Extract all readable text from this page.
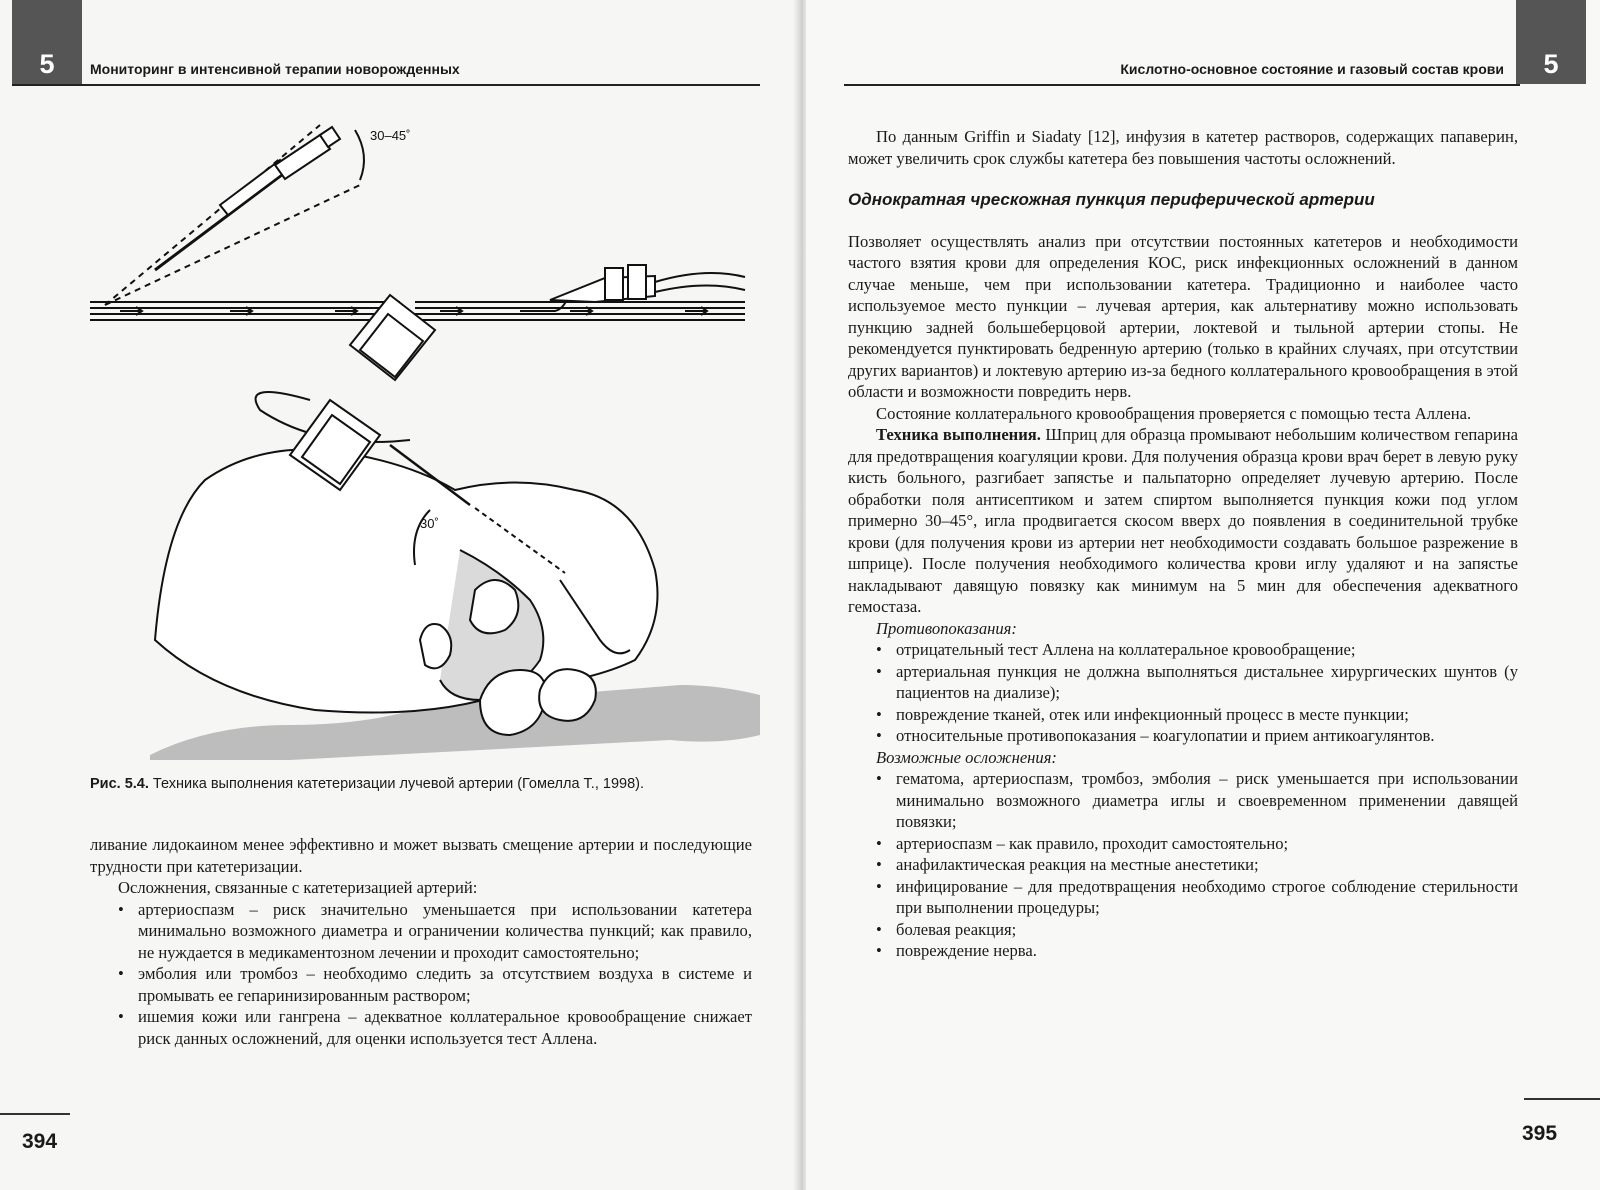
5	Мониторинг в интенсивной терапии новорожденных
30–45˚
30˚
Рис. 5.4. Техника выполнения катетеризации лучевой артерии (Гомелла Т., 1998).

ливание лидокаином менее эффективно и может вызвать смещение артерии и последующие трудности при катетеризации.

Осложнения, связанные с катетеризацией артерий:

• артериоспазм – риск значительно уменьшается при использовании катетера минимально возможного диаметра и ограничении количества пункций; как правило, не нуждается в медикаментозном лечении и проходит самостоятельно;
• эмболия или тромбоз – необходимо следить за отсутствием воздуха в системе и промывать ее гепаринизированным раствором;
• ишемия кожи или гангрена – адекватное коллатеральное кровообращение снижает риск данных осложнений, для оценки используется тест Аллена.
394
5
Кислотно-основное состояние и газовый состав крови

По данным Griffin и Siadaty [12], инфузия в катетер растворов, содержащих папаверин, может увеличить срок службы катетера без повышения частоты осложнений.

Однократная чрескожная пункция периферической артерии

Позволяет осуществлять анализ при отсутствии постоянных катетеров и необходимости частого взятия крови для определения КОС, риск инфекционных осложнений в данном случае меньше, чем при использовании катетера. Традиционно и наиболее часто используемое место пункции – лучевая артерия, как альтернативу можно использовать пункцию задней большеберцовой артерии, локтевой и тыльной артерии стопы. Не рекомендуется пунктировать бедренную артерию (только в крайних случаях, при отсутствии других вариантов) и локтевую артерию из-за бедного коллатерального кровообращения в этой области и возможности повредить нерв.

Состояние коллатерального кровообращения проверяется с помощью теста Аллена.

Техника выполнения. Шприц для образца промывают небольшим количеством гепарина для предотвращения коагуляции крови. Для получения образца крови врач берет в левую руку кисть больного, разгибает запястье и пальпаторно определяет лучевую артерию. После обработки поля антисептиком и затем спиртом выполняется пункция кожи под углом примерно 30–45°, игла продвигается скосом вверх до появления в соединительной трубке крови (для получения крови из артерии нет необходимости создавать большое разрежение в шприце). После получения необходимого количества крови иглу удаляют и на запястье накладывают давящую повязку как минимум на 5 мин для обеспечения адекватного гемостаза.

Противопоказания:

• отрицательный тест Аллена на коллатеральное кровообращение;
• артериальная пункция не должна выполняться дистальнее хирургических шунтов (у пациентов на диализе);
• повреждение тканей, отек или инфекционный процесс в месте пункции;
• относительные противопоказания – коагулопатии и прием антикоагулянтов.

Возможные осложнения:

• гематома, артериоспазм, тромбоз, эмболия – риск уменьшается при использовании минимально возможного диаметра иглы и своевременном применении давящей повязки;
• артериоспазм – как правило, проходит самостоятельно;
• анафилактическая реакция на местные анестетики;
• инфицирование – для предотвращения необходимо строгое соблюдение стерильности при выполнении процедуры;
• болевая реакция;
• повреждение нерва.
395
